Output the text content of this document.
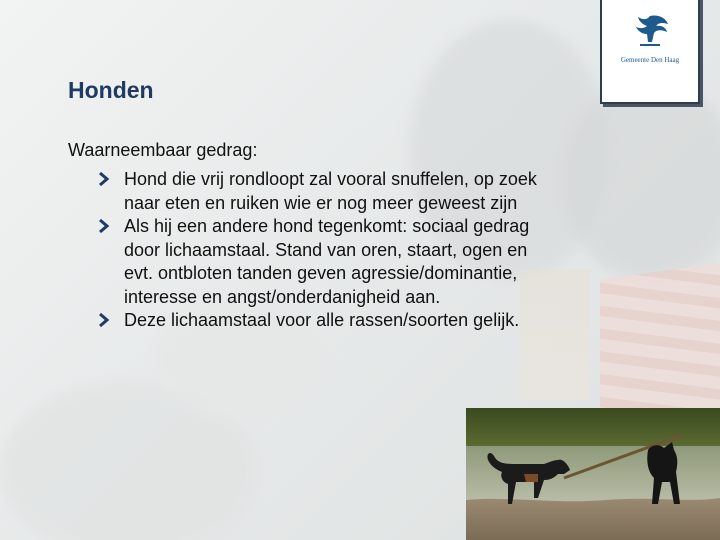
Gemeente Den Haag
Honden
Waarneembaar gedrag:
Hond die vrij rondloopt zal vooral snuffelen, op zoek naar eten en ruiken wie er nog meer geweest zijn
Als hij een andere hond tegenkomt: sociaal gedrag door lichaamstaal. Stand van oren, staart, ogen en evt. ontbloten tanden geven agressie/dominantie, interesse en angst/onderdanigheid aan.
Deze lichaamstaal voor alle rassen/soorten gelijk.
